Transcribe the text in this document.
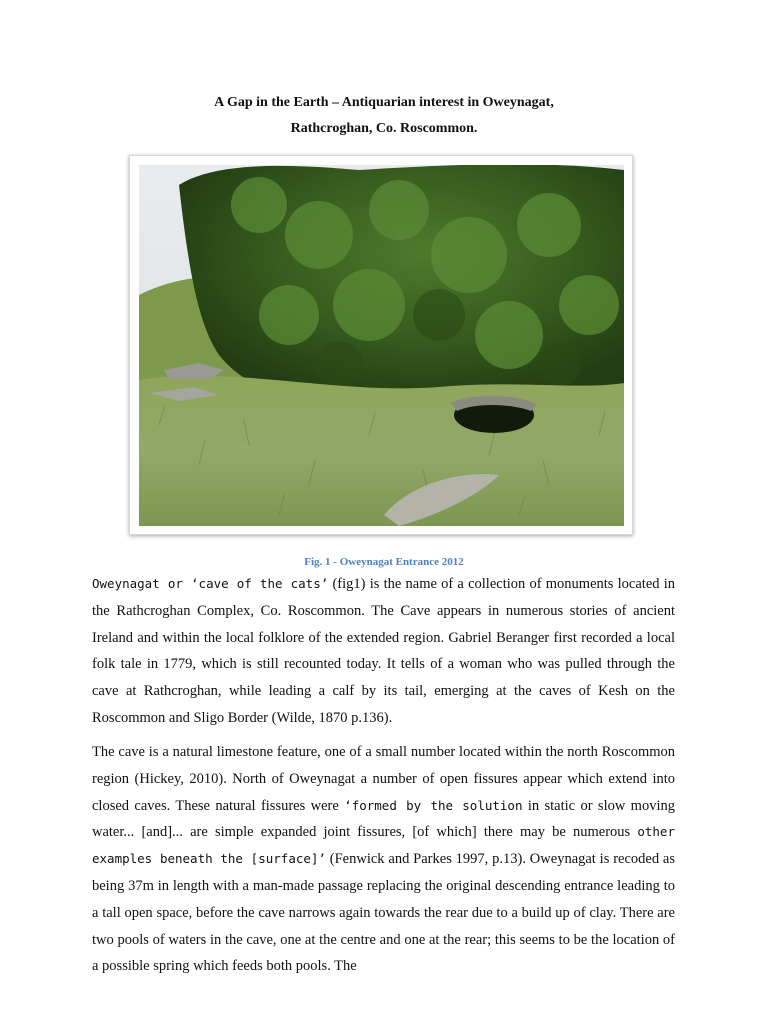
A Gap in the Earth – Antiquarian interest in Oweynagat,
Rathcroghan, Co. Roscommon.
Fig. 1 - Oweynagat Entrance 2012

Oweynagat or ‘cave of the cats’ (fig1) is the name of a collection of monuments located in the Rathcroghan Complex, Co. Roscommon. The Cave appears in numerous stories of ancient Ireland and within the local folklore of the extended region. Gabriel Beranger first recorded a local folk tale in 1779, which is still recounted today. It tells of a woman who was pulled through the cave at Rathcroghan, while leading a calf by its tail, emerging at the caves of Kesh on the Roscommon and Sligo Border (Wilde, 1870 p.136).

The cave is a natural limestone feature, one of a small number located within the north Roscommon region (Hickey, 2010). North of Oweynagat a number of open fissures appear which extend into closed caves. These natural fissures were ‘formed by the solution in static or slow moving water... [and]... are simple expanded joint fissures, [of which] there may be numerous other examples beneath the [surface]’ (Fenwick and Parkes 1997, p.13). Oweynagat is recoded as being 37m in length with a man-made passage replacing the original descending entrance leading to a tall open space, before the cave narrows again towards the rear due to a build up of clay. There are two pools of waters in the cave, one at the centre and one at the rear; this seems to be the location of a possible spring which feeds both pools. The
